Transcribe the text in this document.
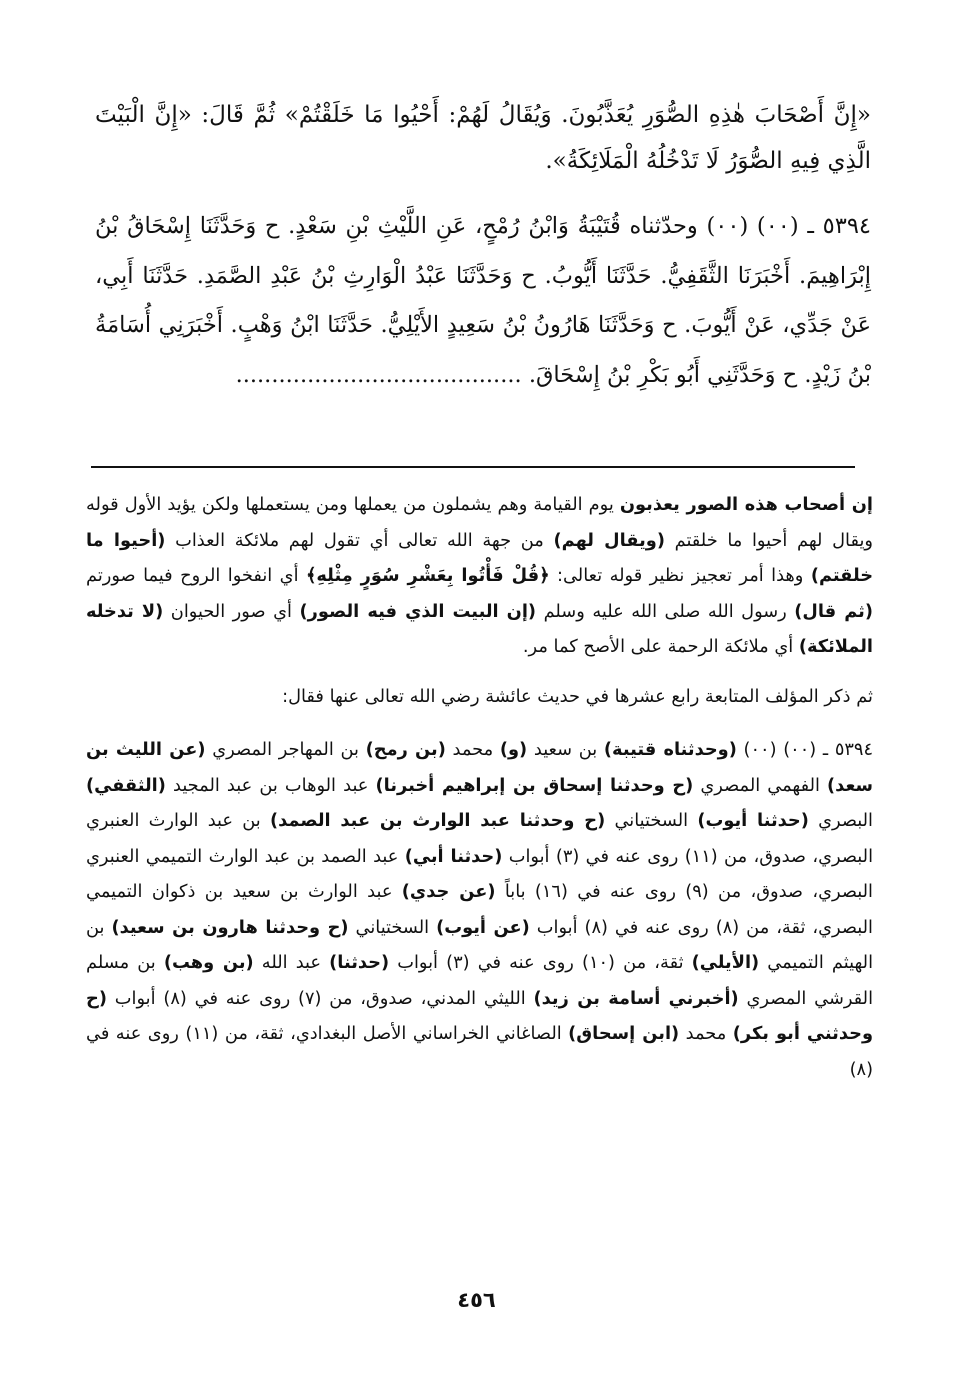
«إِنَّ أَصْحَابَ هٰذِهِ الصُّوَرِ يُعَذَّبُونَ. وَيُقَالُ لَهُمْ: أَحْيُوا مَا خَلَقْتُمْ» ثُمَّ قَالَ: «إِنَّ الْبَيْتَ الَّذِي فِيهِ الصُّوَرُ لَا تَدْخُلُهُ الْمَلَائِكَةُ».

٥٣٩٤ ـ (٠٠) (٠٠) وحدّثناه قُتَيْبَةُ وَابْنُ رُمْحٍ، عَنِ اللَّيْثِ بْنِ سَعْدٍ. ح وَحَدَّثَنَا إِسْحَاقُ بْنُ إِبْرَاهِيمَ. أَخْبَرَنَا الثَّقَفِيُّ. حَدَّثَنَا أَيُّوبُ. ح وَحَدَّثَنَا عَبْدُ الْوَارِثِ بْنُ عَبْدِ الصَّمَدِ. حَدَّثَنَا أَبِي، عَنْ جَدِّي، عَنْ أَيُّوبَ. ح وَحَدَّثَنَا هَارُونُ بْنُ سَعِيدٍ الأَيْلِيُّ. حَدَّثَنَا ابْنُ وَهْبٍ. أَخْبَرَنِي أُسَامَةُ بْنُ زَيْدٍ. ح وَحَدَّثَنِي أَبُو بَكْرِ بْنُ إِسْحَاقَ. ........................................

إن أصحاب هذه الصور يعذبون يوم القيامة وهم يشملون من يعملها ومن يستعملها ولكن يؤيد الأول قوله ويقال لهم أحيوا ما خلقتم (ويقال لهم) من جهة الله تعالى أي تقول لهم ملائكة العذاب (أحيوا ما خلقتم) وهذا أمر تعجيز نظير قوله تعالى: ﴿قُلْ فَأْتُوا بِعَشْرِ سُوَرٍ مِثْلِهِ﴾ أي انفخوا الروح فيما صورتم (ثم قال) رسول الله صلى الله عليه وسلم (إن البيت الذي فيه الصور) أي صور الحيوان (لا تدخله الملائكة) أي ملائكة الرحمة على الأصح كما مر.

ثم ذكر المؤلف المتابعة رابع عشرها في حديث عائشة رضي الله تعالى عنها فقال:

٥٣٩٤ ـ (٠٠) (٠٠) (وحدثناه قتيبة) بن سعيد (و) محمد (بن رمح) بن المهاجر المصري (عن الليث بن سعد) الفهمي المصري (ح وحدثنا إسحاق بن إبراهيم أخبرنا) عبد الوهاب بن عبد المجيد (الثقفي) البصري (حدثنا أيوب) السختياني (ح وحدثنا عبد الوارث بن عبد الصمد) بن عبد الوارث العنبري البصري، صدوق، من (١١) روى عنه في (٣) أبواب (حدثنا أبي) عبد الصمد بن عبد الوارث التميمي العنبري البصري، صدوق، من (٩) روى عنه في (١٦) باباً (عن جدي) عبد الوارث بن سعيد بن ذكوان التميمي البصري، ثقة، من (٨) روى عنه في (٨) أبواب (عن أيوب) السختياني (ح وحدثنا هارون بن سعيد) بن الهيثم التميمي (الأيلي) ثقة، من (١٠) روى عنه في (٣) أبواب (حدثنا) عبد الله (بن وهب) بن مسلم القرشي المصري (أخبرني أسامة بن زيد) الليثي المدني، صدوق، من (٧) روى عنه في (٨) أبواب (ح وحدثني أبو بكر) محمد (ابن إسحاق) الصاغاني الخراساني الأصل البغدادي، ثقة، من (١١) روى عنه في (٨)

٤٥٦
